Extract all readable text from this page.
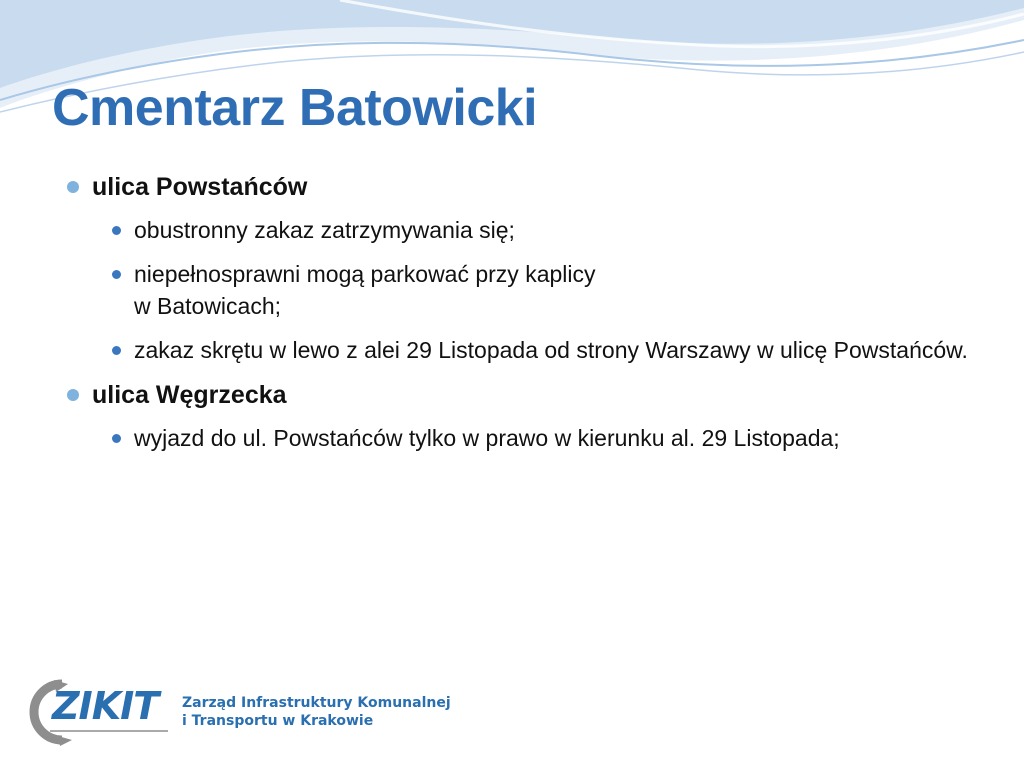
Cmentarz Batowicki
ulica Powstańców
obustronny zakaz zatrzymywania się;
niepełnosprawni mogą parkować przy kaplicy
w Batowicach;
zakaz skrętu w lewo z alei 29 Listopada od strony Warszawy w ulicę Powstańców.
ulica Węgrzecka
wyjazd do ul. Powstańców tylko w prawo w kierunku al. 29 Listopada;
ZIKIT Zarząd Infrastruktury Komunalnej
i Transportu w Krakowie
